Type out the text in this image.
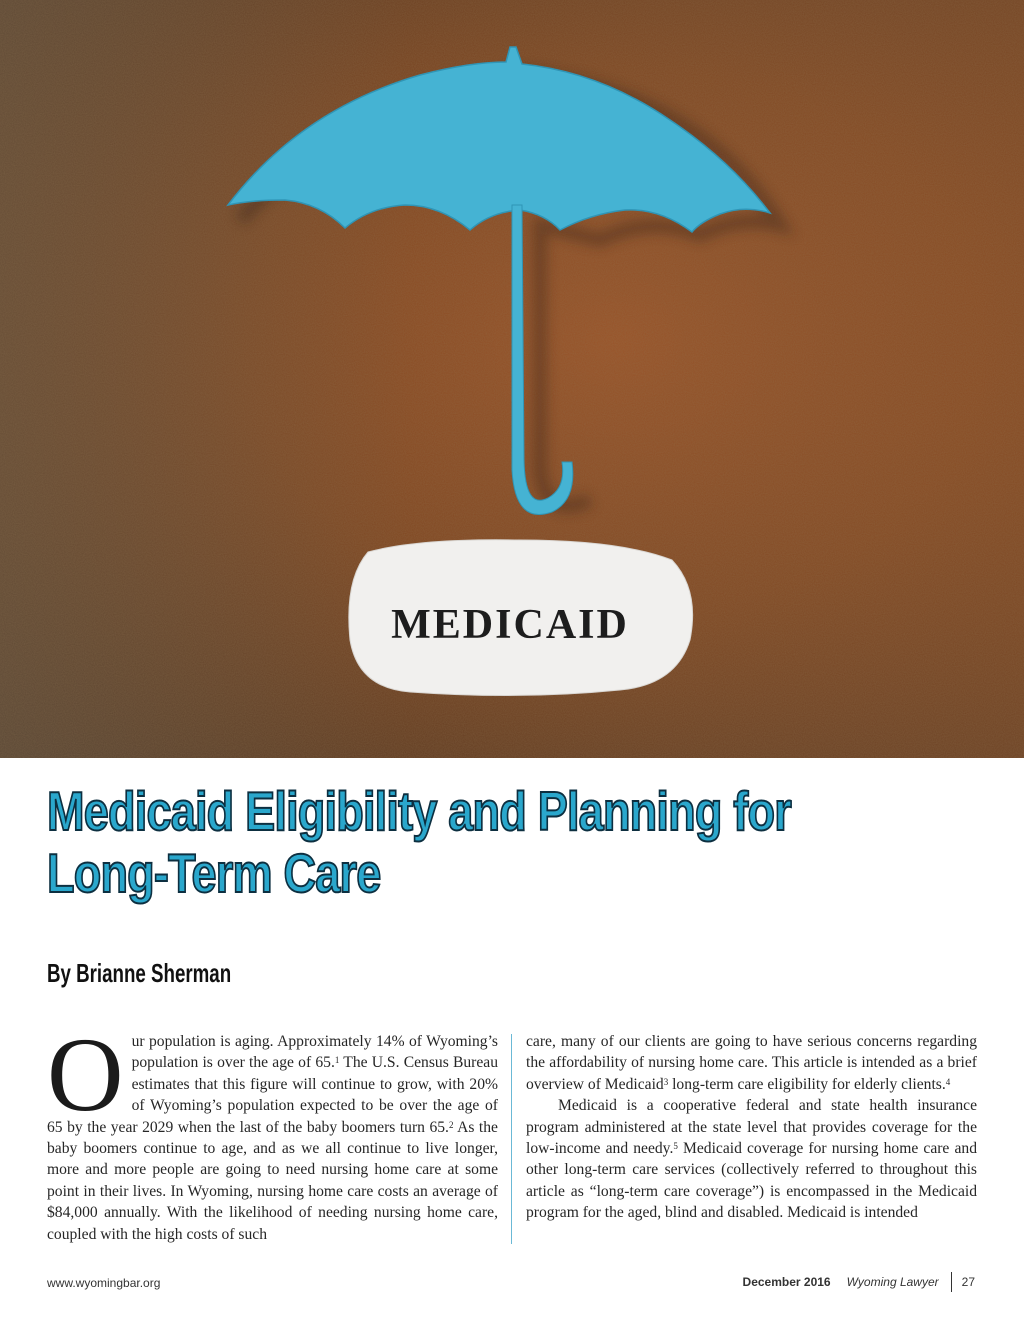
MEDICAID
Medicaid Eligibility and Planning for
Long-Term Care
By Brianne Sherman

Our population is aging. Approximately 14% of Wyoming’s population is over the age of 65.$^1$ The U.S. Census Bureau estimates that this figure will continue to grow, with 20% of Wyoming’s population expected to be over the age of 65 by the year 2029 when the last of the baby boomers turn 65.$^2$ As the baby boomers continue to age, and as we all continue to live longer, more and more people are going to need nursing home care at some point in their lives. In Wyoming, nursing home care costs an average of $84,000 annually. With the likelihood of needing nursing home care, coupled with the high costs of such

care, many of our clients are going to have serious concerns regarding the affordability of nursing home care. This article is intended as a brief overview of Medicaid$^3$ long-term care eligibility for elderly clients.$^4$

Medicaid is a cooperative federal and state health insurance program administered at the state level that provides coverage for the low-income and needy.$^5$ Medicaid coverage for nursing home care and other long-term care services (collectively referred to throughout this article as “long-term care coverage”) is encompassed in the Medicaid program for the aged, blind and disabled. Medicaid is intended

www.wyomingbar.org	December 2016 Wyoming Lawyer 27
